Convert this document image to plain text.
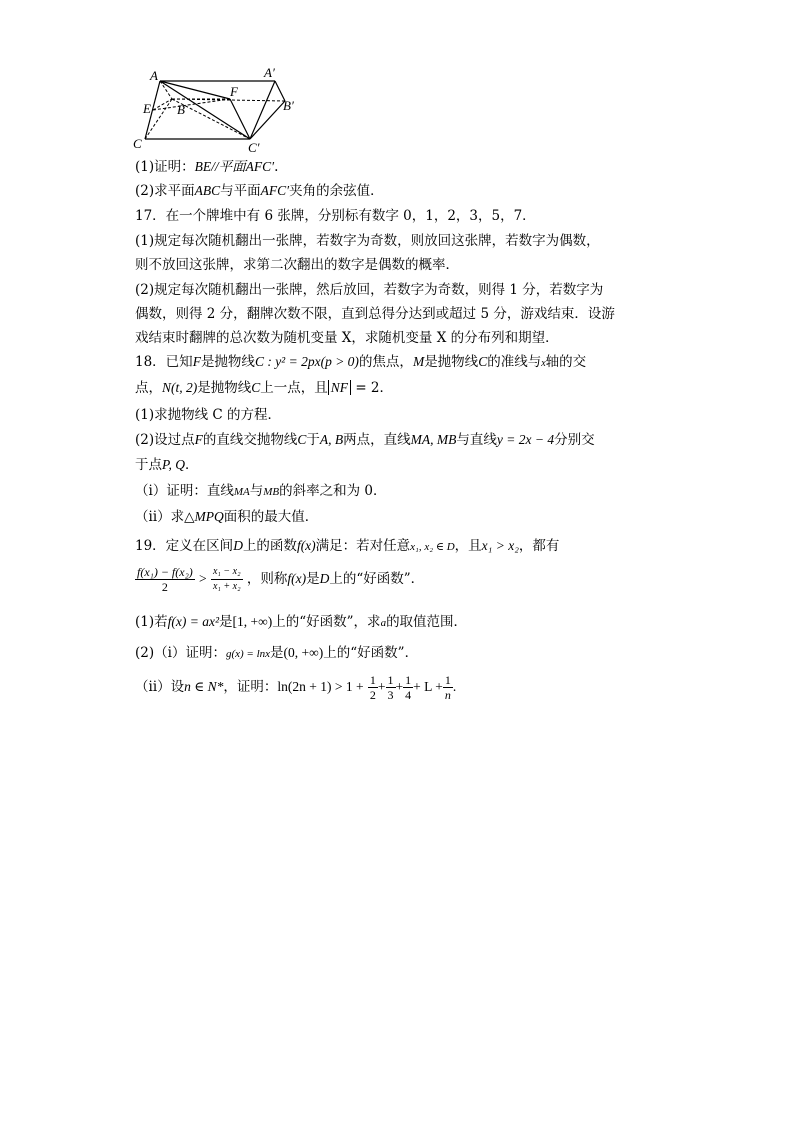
A	A′
B	B′
C	C′
E
F
(1)证明：BE//平面AFC′.
(2)求平面ABC与平面AFC′夹角的余弦值．
17．在一个牌堆中有 6 张牌，分别标有数字 0，1，2，3，5，7．
(1)规定每次随机翻出一张牌，若数字为奇数，则放回这张牌，若数字为偶数，
则不放回这张牌，求第二次翻出的数字是偶数的概率．
(2)规定每次随机翻出一张牌，然后放回，若数字为奇数，则得 1 分，若数字为
偶数，则得 2 分，翻牌次数不限，直到总得分达到或超过 5 分，游戏结束．设游
戏结束时翻牌的总次数为随机变量 X，求随机变量 X 的分布列和期望．
18．已知F是抛物线C : y² = 2px(p > 0)的焦点，M是抛物线C的准线与x轴的交
点，N(t, 2)是抛物线C上一点，且 NF = 2．
(1)求抛物线 C 的方程．
(2)设过点F的直线交抛物线C于A, B两点，直线MA, MB与直线y = 2x − 4分别交
于点P, Q．
（ⅰ）证明：直线MA与MB的斜率之和为 0．
（ⅱ）求△MPQ面积的最大值．
19．定义在区间D上的函数f(x)满足：若对任意x₁, x₂ ∈ D，且x₁ > x₂，都有
$\frac{\text{f(x₁) − f(x₂)}}{2} > \frac{\text{x₁ − x₂}}{\text{x₁ + x₂}}$ ，则称f(x)是D上的“好函数”．
(1)若f(x) = ax²是[1, +∞)上的“好函数”，求a的取值范围．
(2)（ⅰ）证明：g(x) = lnx是(0, +∞)上的“好函数”．
（ⅱ）设n ∈ N*，证明：$\ln(2n + 1) > 1 + \frac{1}{2} + \frac{1}{3} + \frac{1}{4} + L + \frac{1}{n}$ .
